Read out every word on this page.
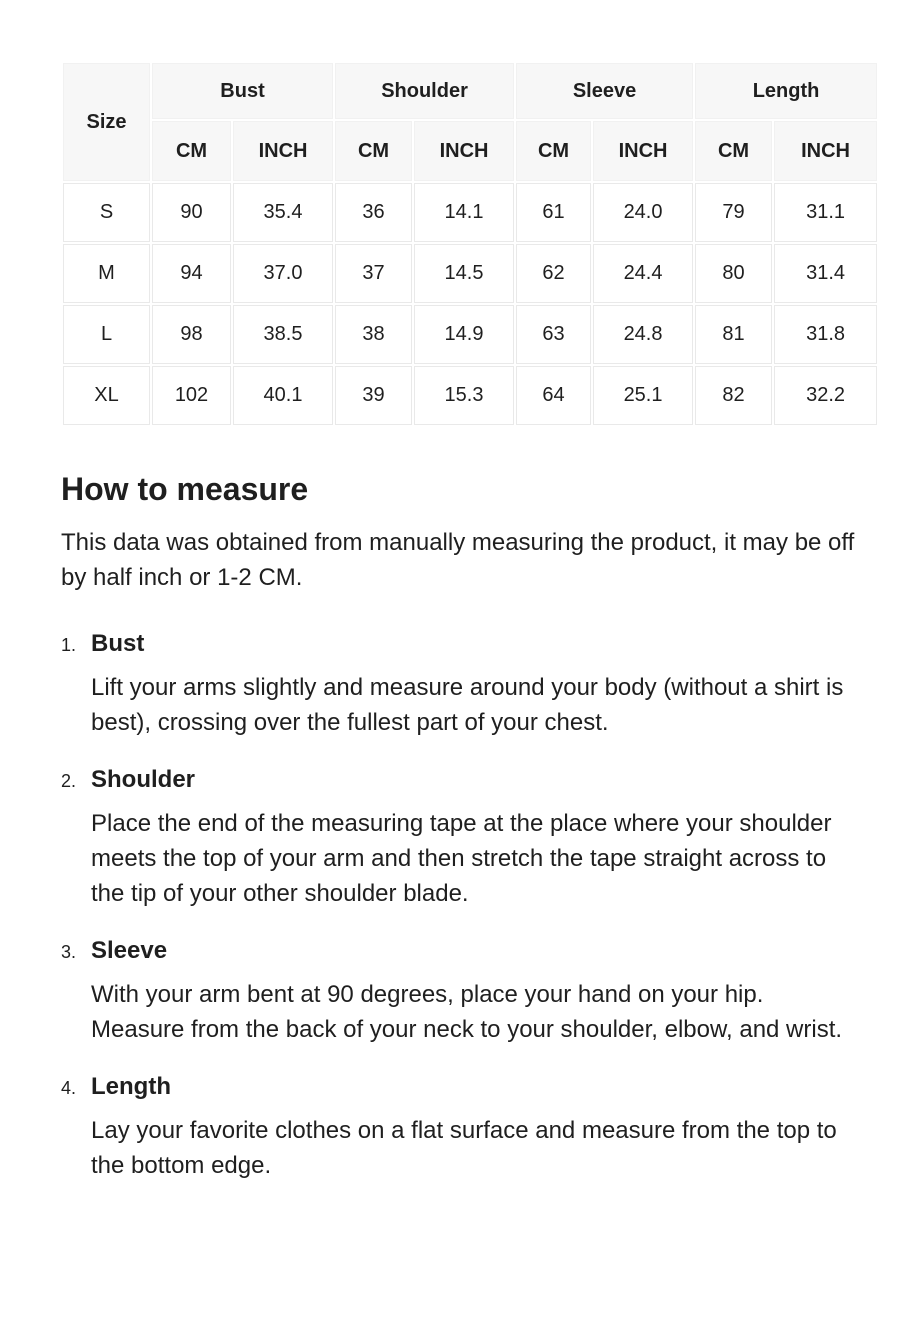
Size	Bust		Shoulder		Sleeve		Length	
	CM	INCH	CM	INCH	CM	INCH	CM	INCH
S	90	35.4	36	14.1	61	24.0	79	31.1
M	94	37.0	37	14.5	62	24.4	80	31.4
L	98	38.5	38	14.9	63	24.8	81	31.8
XL	102	40.1	39	15.3	64	25.1	82	32.2
How to measure

This data was obtained from manually measuring the product, it may be off by half inch or 1-2 CM.

1. Bust

Lift your arms slightly and measure around your body (without a shirt is best), crossing over the fullest part of your chest.

2. Shoulder

Place the end of the measuring tape at the place where your shoulder meets the top of your arm and then stretch the tape straight across to the tip of your other shoulder blade.

3. Sleeve

With your arm bent at 90 degrees, place your hand on your hip. Measure from the back of your neck to your shoulder, elbow, and wrist.

4. Length

Lay your favorite clothes on a flat surface and measure from the top to the bottom edge.
